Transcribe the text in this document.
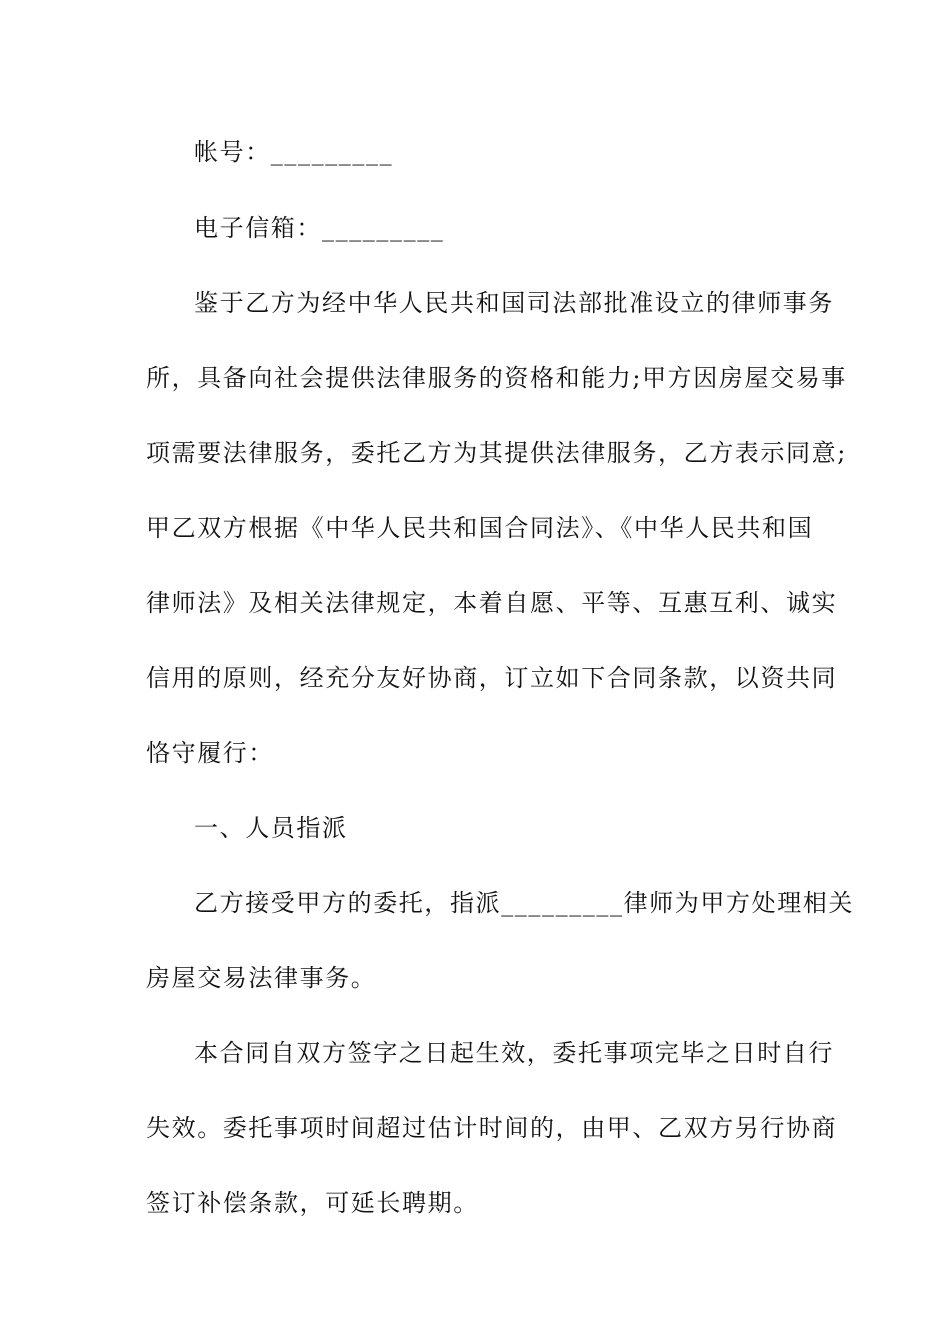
帐号：_________
电子信箱：_________
鉴于乙方为经中华人民共和国司法部批准设立的律师事务
所，具备向社会提供法律服务的资格和能力;甲方因房屋交易事
项需要法律服务，委托乙方为其提供法律服务，乙方表示同意;
甲乙双方根据《中华人民共和国合同法》、《中华人民共和国
律师法》及相关法律规定，本着自愿、平等、互惠互利、诚实
信用的原则，经充分友好协商，订立如下合同条款，以资共同
恪守履行：
一、人员指派
乙方接受甲方的委托，指派_________律师为甲方处理相关
房屋交易法律事务。
本合同自双方签字之日起生效，委托事项完毕之日时自行
失效。委托事项时间超过估计时间的，由甲、乙双方另行协商
签订补偿条款，可延长聘期。
